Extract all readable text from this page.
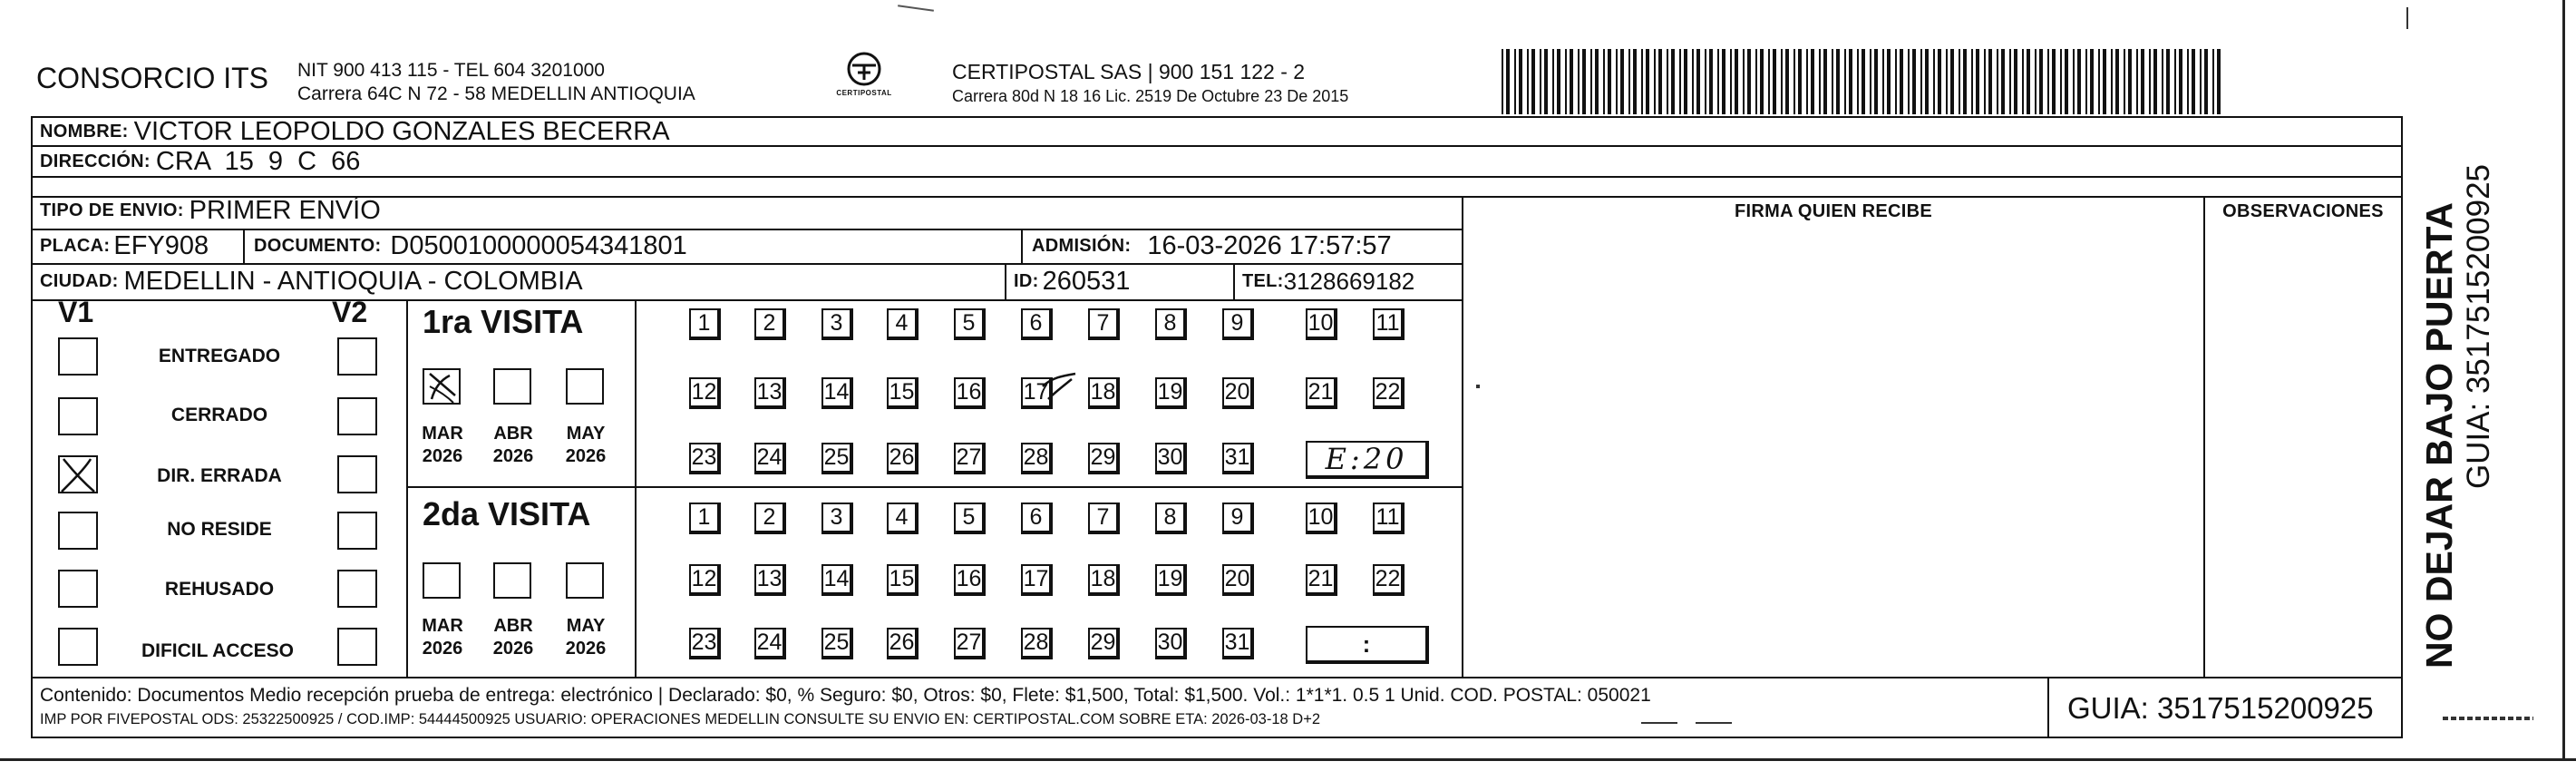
CONSORCIO ITS NIT 900 413 115 - TEL 604 3201000
Carrera 64C N 72 - 58 MEDELLIN ANTIOQUIA	CERTIPOSTAL
CERTIPOSTAL SAS | 900 151 122 - 2
Carrera 80d N 18 16 Lic. 2519 De Octubre 23 De 2015
NOMBRE: VICTOR LEOPOLDO GONZALES BECERRA
DIRECCIÓN: CRA 15 9 C 66
TIPO DE ENVIO: PRIMER ENVÍO	FIRMA QUIEN RECIBE	OBSERVACIONES
PLACA: EFY908 DOCUMENTO: D0500100000054341801	ADMISIÓN: 16-03-2026 17:57:57
CIUDAD: MEDELLIN - ANTIOQUIA - COLOMBIA	ID: 260531	TEL: 3128669182
V1	V2
ENTREGADO
CERRADO
DIR. ERRADA
NO RESIDE
REHUSADO
DIFICIL ACCESO
1ra VISITA
MAR
2026
ABR
2026
MAY
2026
1	2	3	4	5	6	7	8	9	10 11
12 13 14 15 16 17 18 19 20	21 22
23 24 25 26 27 28 29 30 31	E:20
2da VISITA
MAR
2026
ABR
2026
MAY
2026
1	2	3	4	5	6	7	8	9	10 11
12 13 14 15 16 17 18 19 20	21 22
23 24 25 26 27 28 29 30 31	:
Contenido: Documentos Medio recepción prueba de entrega: electrónico | Declarado: $0, % Seguro: $0, Otros: $0, Flete: $1,500, Total: $1,500. Vol.: 1*1*1. 0.5 1 Unid. COD. POSTAL: 050021
IMP POR FIVEPOSTAL ODS: 25322500925 / COD.IMP: 54444500925 USUARIO: OPERACIONES MEDELLIN CONSULTE SU ENVIO EN: CERTIPOSTAL.COM SOBRE ETA: 2026-03-18 D+2	GUIA: 3517515200925
NO DEJAR BAJO PUERTA GUIA: 3517515200925
